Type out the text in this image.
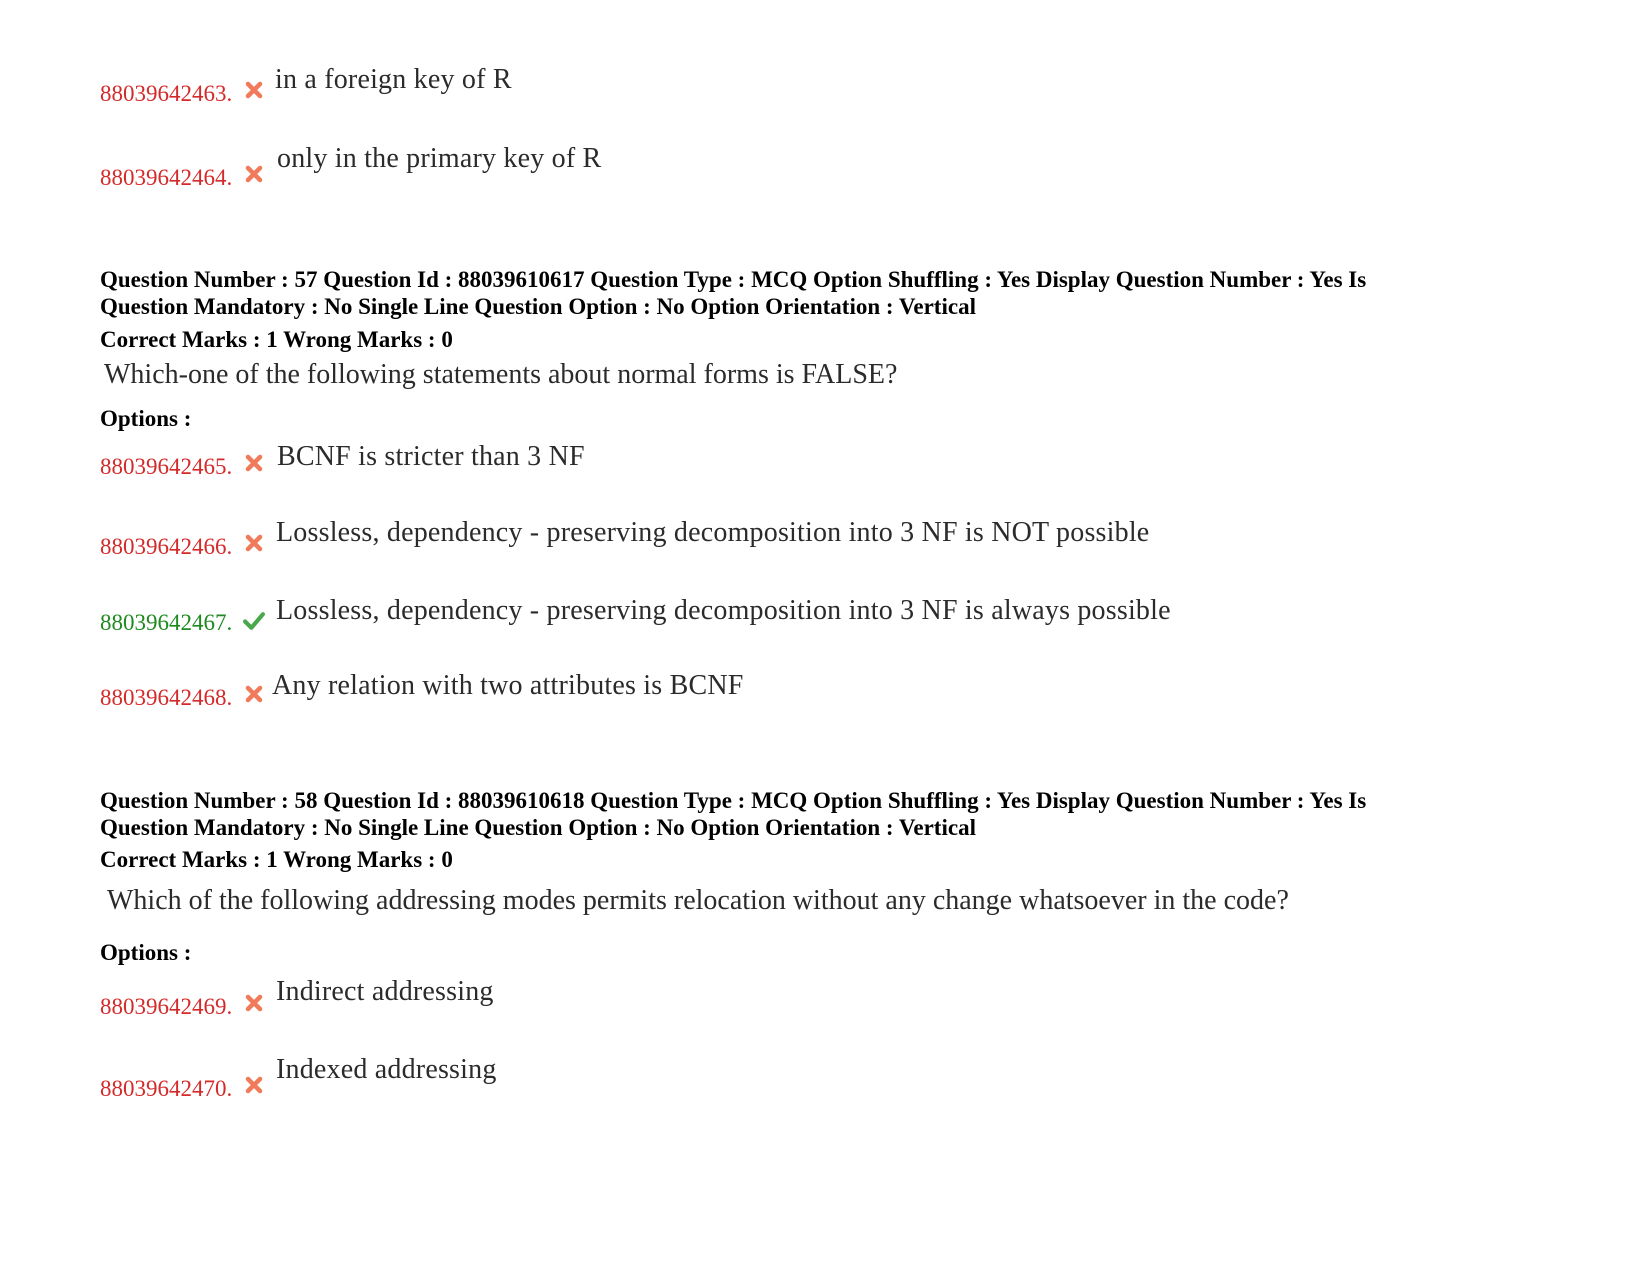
88039642463. in a foreign key of R
88039642464.
only in the primary key of R
Question Number : 57 Question Id : 88039610617 Question Type : MCQ Option Shuffling : Yes Display Question Number : Yes Is
Question Mandatory : No Single Line Question Option : No Option Orientation : Vertical
Correct Marks : 1 Wrong Marks : 0
Which-one of the following statements about normal forms is FALSE?
Options :
88039642465. BCNF is stricter than 3 NF
88039642466. Lossless, dependency - preserving decomposition into 3 NF is NOT possible
88039642467. Lossless, dependency - preserving decomposition into 3 NF is always possible
88039642468. Any relation with two attributes is BCNF
Question Number : 58 Question Id : 88039610618 Question Type : MCQ Option Shuffling : Yes Display Question Number : Yes Is
Question Mandatory : No Single Line Question Option : No Option Orientation : Vertical
Correct Marks : 1 Wrong Marks : 0
Which of the following addressing modes permits relocation without any change whatsoever in the code?
Options :
88039642469. Indirect addressing
88039642470.
Indexed addressing
